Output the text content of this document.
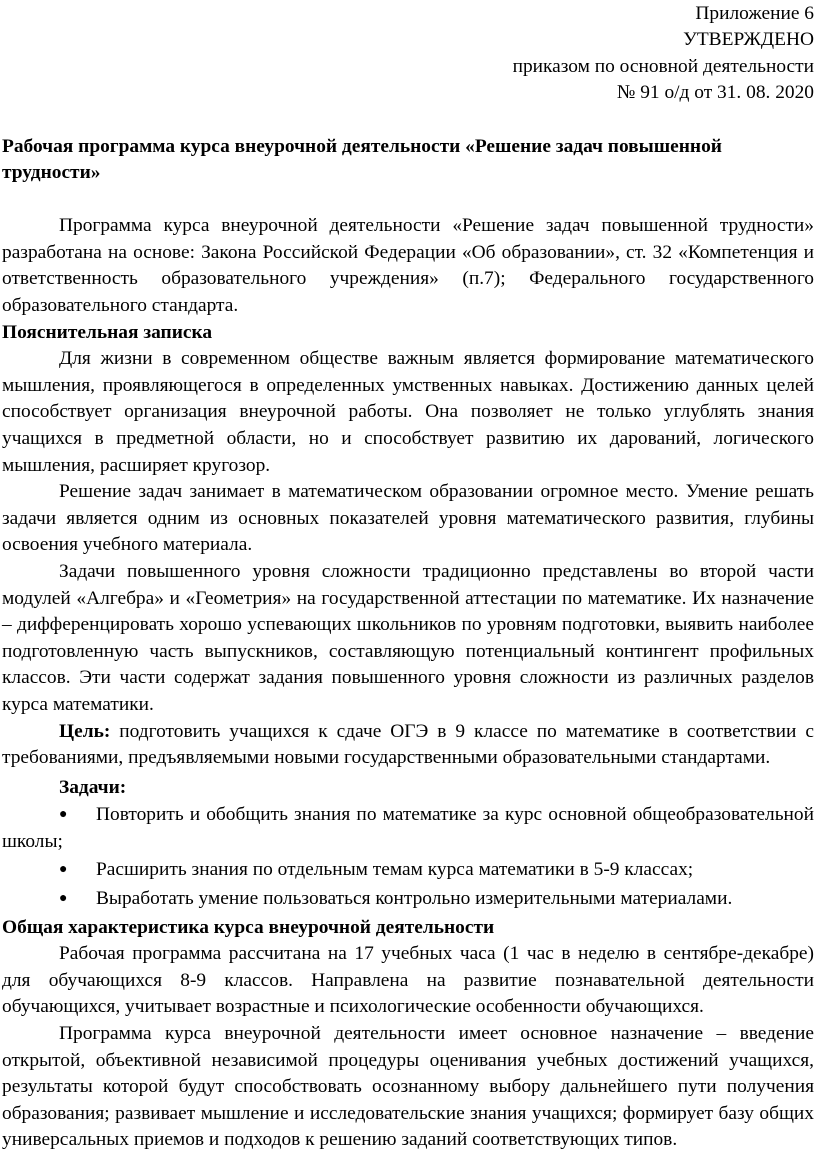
Приложение 6
УТВЕРЖДЕНО
приказом по основной деятельности
№ 91 о/д от 31. 08. 2020
Рабочая программа курса внеурочной деятельности «Решение задач повышенной трудности»

Программа курса внеурочной деятельности «Решение задач повышенной трудности» разработана на основе: Закона Российской Федерации «Об образовании», ст. 32 «Компетенция и ответственность образовательного учреждения» (п.7); Федерального государственного образовательного стандарта.

Пояснительная записка

Для жизни в современном обществе важным является формирование математического мышления, проявляющегося в определенных умственных навыках. Достижению данных целей способствует организация внеурочной работы. Она позволяет не только углублять знания учащихся в предметной области, но и способствует развитию их дарований, логического мышления, расширяет кругозор.

Решение задач занимает в математическом образовании огромное место. Умение решать задачи является одним из основных показателей уровня математического развития, глубины освоения учебного материала.

Задачи повышенного уровня сложности традиционно представлены во второй части модулей «Алгебра» и «Геометрия» на государственной аттестации по математике. Их назначение – дифференцировать хорошо успевающих школьников по уровням подготовки, выявить наиболее подготовленную часть выпускников, составляющую потенциальный контингент профильных классов. Эти части содержат задания повышенного уровня сложности из различных разделов курса математики.

Цель: подготовить учащихся к сдаче ОГЭ в 9 классе по математике в соответствии с требованиями, предъявляемыми новыми государственными образовательными стандартами.

Задачи:
● Повторить и обобщить знания по математике за курс основной общеобразовательной школы;
● Расширить знания по отдельным темам курса математики в 5-9 классах;
● Выработать умение пользоваться контрольно измерительными материалами.
Общая характеристика курса внеурочной деятельности

Рабочая программа рассчитана на 17 учебных часа (1 час в неделю в сентябре-декабре) для обучающихся 8-9 классов. Направлена на развитие познавательной деятельности обучающихся, учитывает возрастные и психологические особенности обучающихся.

Программа курса внеурочной деятельности имеет основное назначение – введение открытой, объективной независимой процедуры оценивания учебных достижений учащихся, результаты которой будут способствовать осознанному выбору дальнейшего пути получения образования; развивает мышление и исследовательские знания учащихся; формирует базу общих универсальных приемов и подходов к решению заданий соответствующих типов.
